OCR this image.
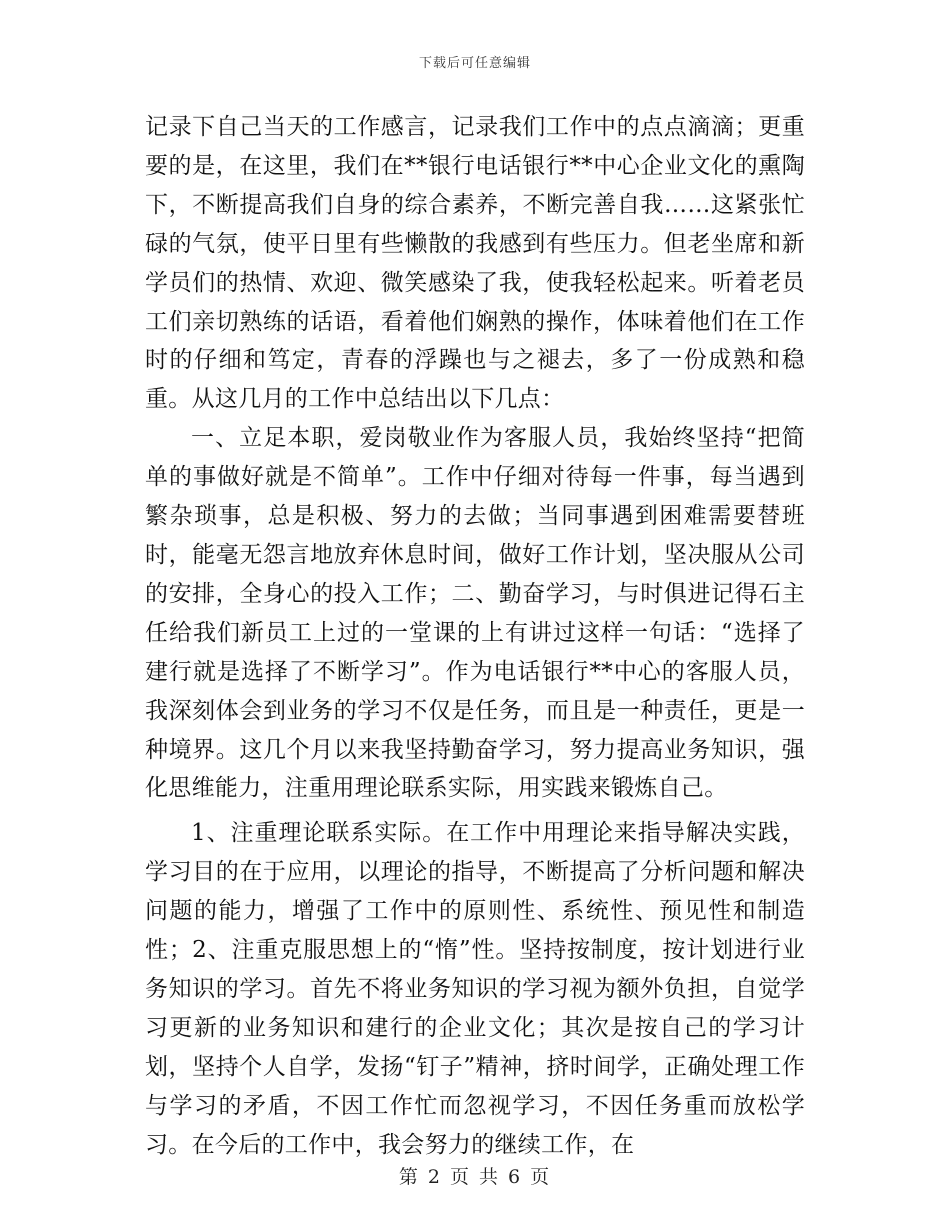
下载后可任意编辑

记录下自己当天的工作感言，记录我们工作中的点点滴滴；更重要的是，在这里，我们在**银行电话银行**中心企业文化的熏陶下，不断提高我们自身的综合素养，不断完善自我……这紧张忙碌的气氛，使平日里有些懒散的我感到有些压力。但老坐席和新学员们的热情、欢迎、微笑感染了我，使我轻松起来。听着老员工们亲切熟练的话语，看着他们娴熟的操作，体味着他们在工作时的仔细和笃定，青春的浮躁也与之褪去，多了一份成熟和稳重。从这几月的工作中总结出以下几点：

一、立足本职，爱岗敬业作为客服人员，我始终坚持“把简单的事做好就是不简单”。工作中仔细对待每一件事，每当遇到繁杂琐事，总是积极、努力的去做；当同事遇到困难需要替班时，能毫无怨言地放弃休息时间，做好工作计划，坚决服从公司的安排，全身心的投入工作；二、勤奋学习，与时俱进记得石主任给我们新员工上过的一堂课的上有讲过这样一句话：“选择了建行就是选择了不断学习”。作为电话银行**中心的客服人员，我深刻体会到业务的学习不仅是任务，而且是一种责任，更是一种境界。这几个月以来我坚持勤奋学习，努力提高业务知识，强化思维能力，注重用理论联系实际，用实践来锻炼自己。

1、注重理论联系实际。在工作中用理论来指导解决实践，学习目的在于应用，以理论的指导，不断提高了分析问题和解决问题的能力，增强了工作中的原则性、系统性、预见性和制造性；2、注重克服思想上的“惰”性。坚持按制度，按计划进行业务知识的学习。首先不将业务知识的学习视为额外负担，自觉学习更新的业务知识和建行的企业文化；其次是按自己的学习计划，坚持个人自学，发扬“钉子”精神，挤时间学，正确处理工作与学习的矛盾，不因工作忙而忽视学习，不因任务重而放松学习。在今后的工作中，我会努力的继续工作，在

第 2 页 共 6 页
